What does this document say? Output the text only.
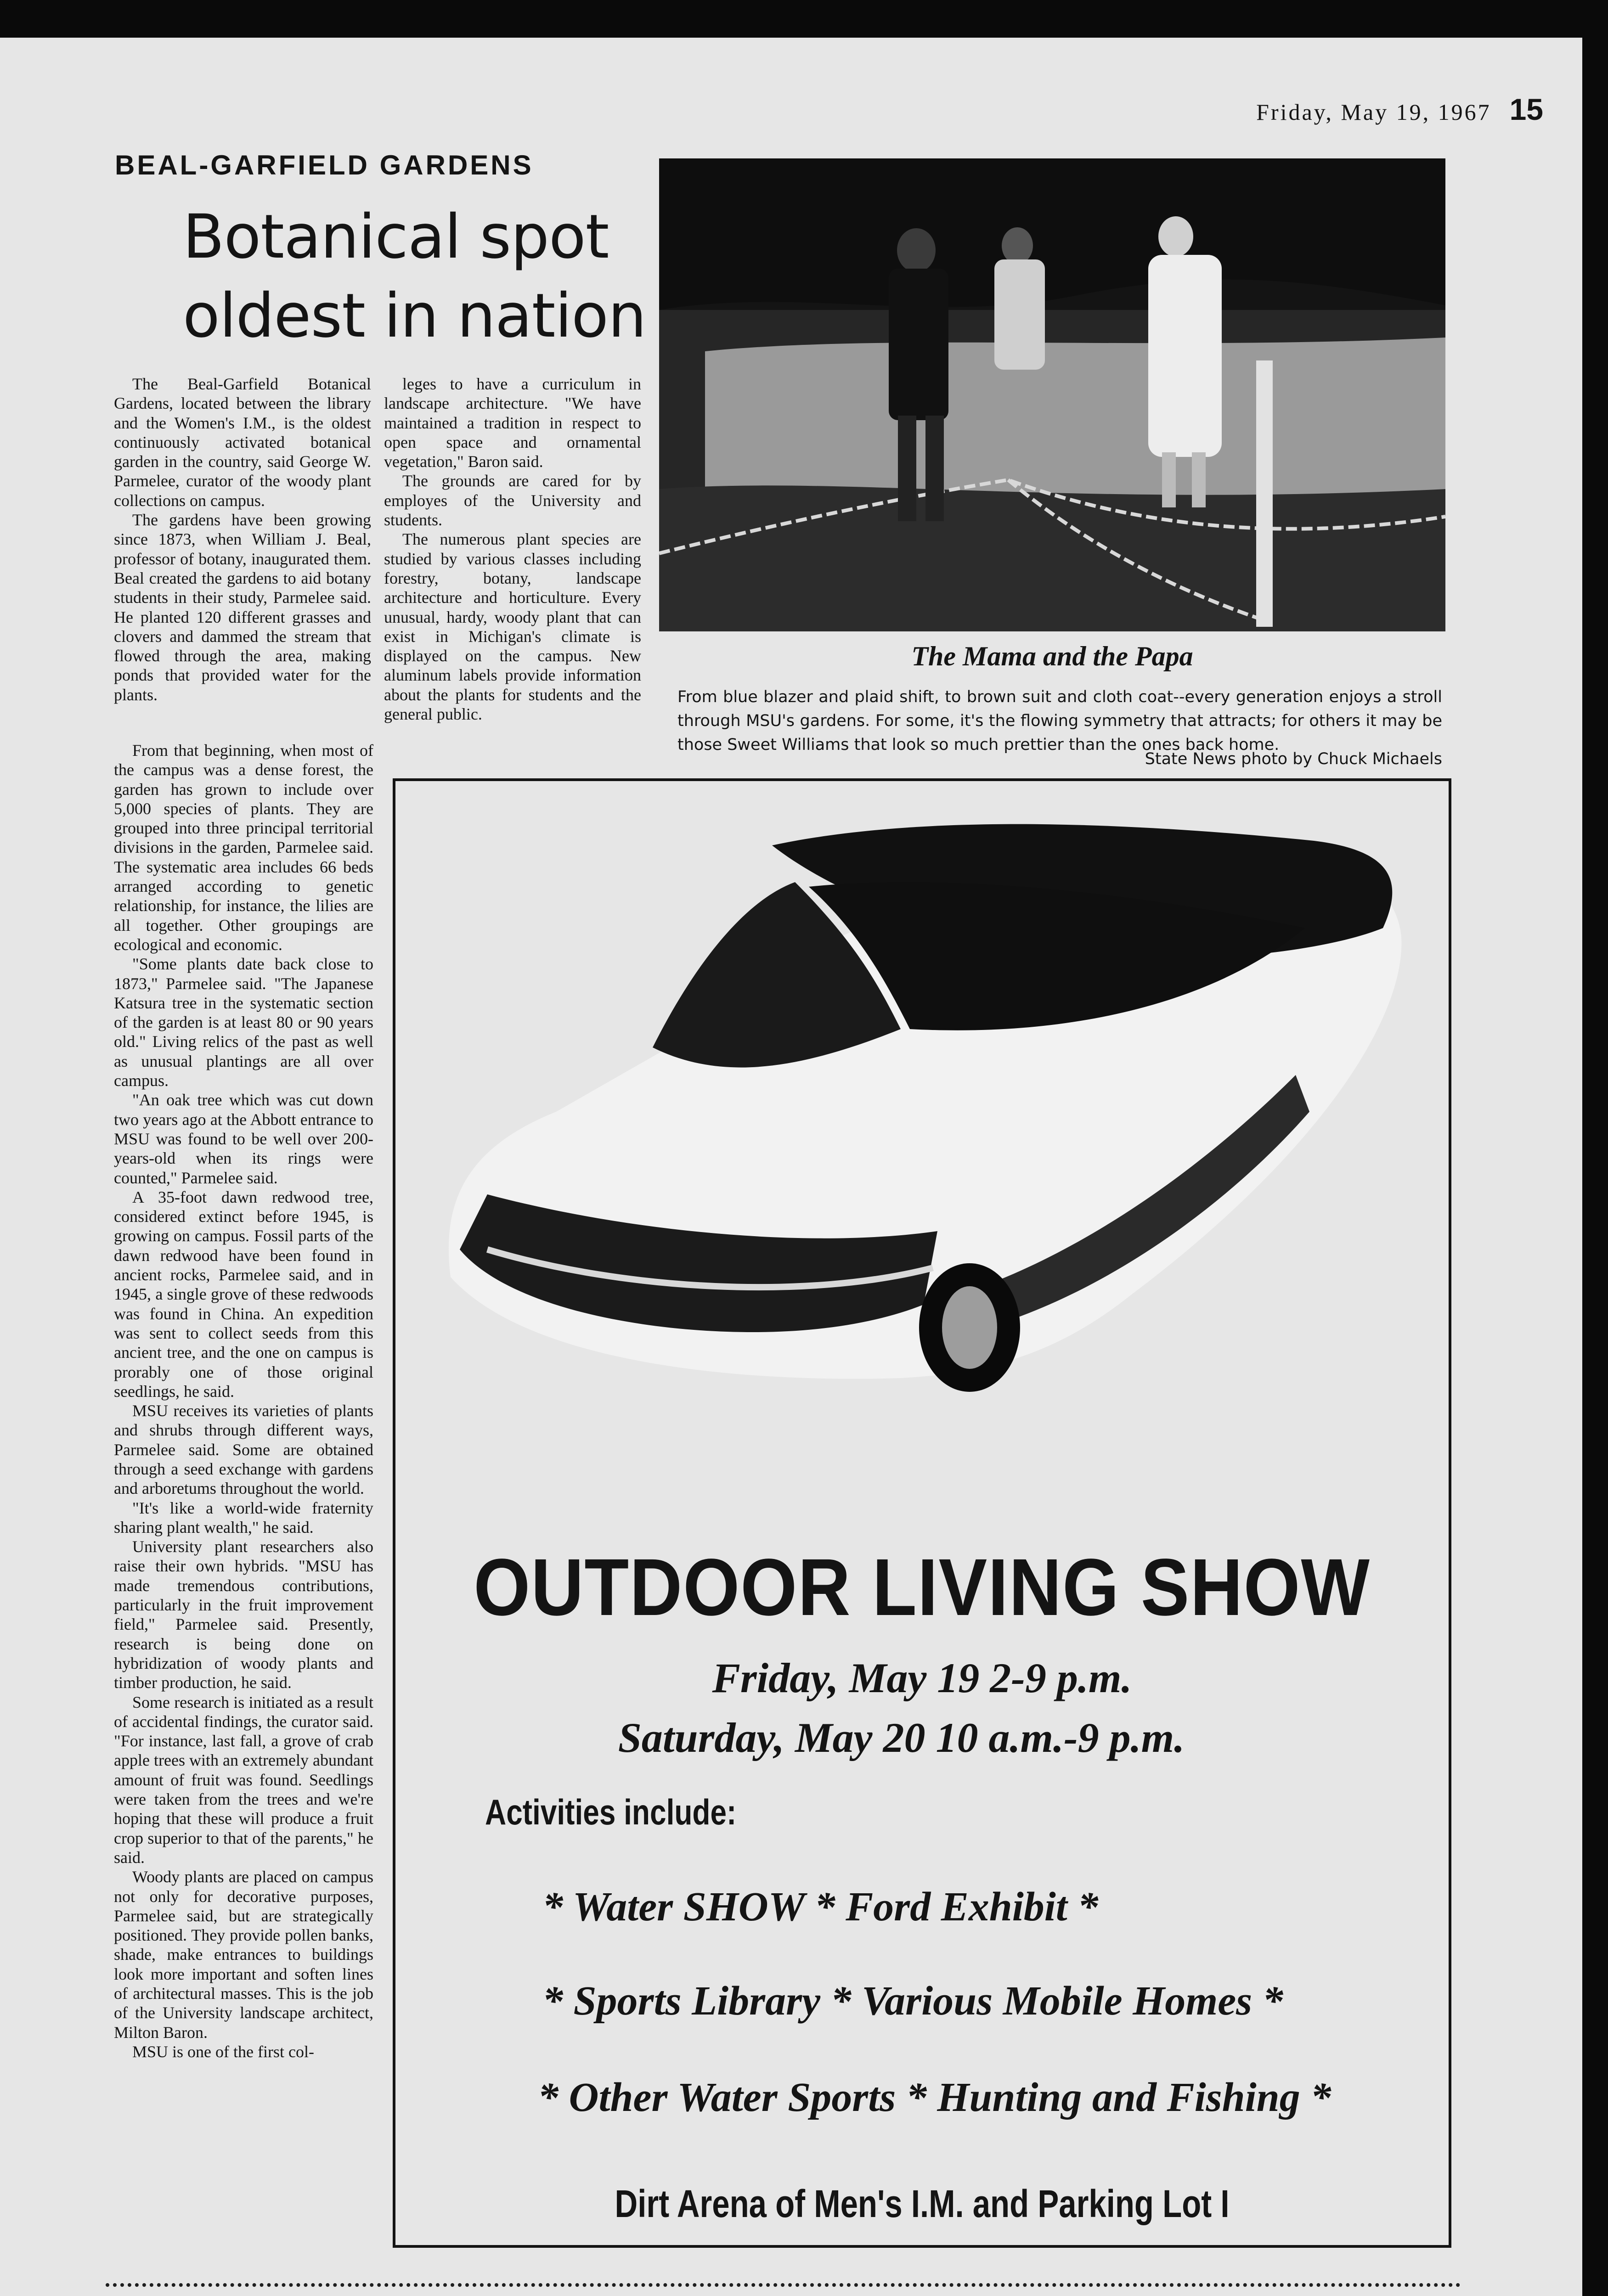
Friday, May 19, 1967 15
BEAL-GARFIELD GARDENS
Botanical spot
oldest in nation

The Beal-Garfield Botanical Gardens, located between the library and the Women's I.M., is the oldest continuously activated botanical garden in the country, said George W. Parmelee, curator of the woody plant collections on campus.

The gardens have been growing since 1873, when William J. Beal, professor of botany, inaugurated them. Beal created the gardens to aid botany students in their study, Parmelee said. He planted 120 different grasses and clovers and dammed the stream that flowed through the area, making ponds that provided water for the plants.

From that beginning, when most of the campus was a dense forest, the garden has grown to include over 5,000 species of plants. They are grouped into three principal territorial divisions in the garden, Parmelee said. The systematic area includes 66 beds arranged according to genetic relationship, for instance, the lilies are all together. Other groupings are ecological and economic.

"Some plants date back close to 1873," Parmelee said. "The Japanese Katsura tree in the systematic section of the garden is at least 80 or 90 years old." Living relics of the past as well as unusual plantings are all over campus.

"An oak tree which was cut down two years ago at the Abbott entrance to MSU was found to be well over 200-years-old when its rings were counted," Parmelee said.

A 35-foot dawn redwood tree, considered extinct before 1945, is growing on campus. Fossil parts of the dawn redwood have been found in ancient rocks, Parmelee said, and in 1945, a single grove of these redwoods was found in China. An expedition was sent to collect seeds from this ancient tree, and the one on campus is prorably one of those original seedlings, he said.

MSU receives its varieties of plants and shrubs through different ways, Parmelee said. Some are obtained through a seed exchange with gardens and arboretums throughout the world.

"It's like a world-wide fraternity sharing plant wealth," he said.

University plant researchers also raise their own hybrids. "MSU has made tremendous contributions, particularly in the fruit improvement field," Parmelee said. Presently, research is being done on hybridization of woody plants and timber production, he said.

Some research is initiated as a result of accidental findings, the curator said. "For instance, last fall, a grove of crab apple trees with an extremely abundant amount of fruit was found. Seedlings were taken from the trees and we're hoping that these will produce a fruit crop superior to that of the parents," he said.

Woody plants are placed on campus not only for decorative purposes, Parmelee said, but are strategically positioned. They provide pollen banks, shade, make entrances to buildings look more important and soften lines of architectural masses. This is the job of the University landscape architect, Milton Baron.

MSU is one of the first col-

leges to have a curriculum in landscape architecture. "We have maintained a tradition in respect to open space and ornamental vegetation," Baron said.

The grounds are cared for by employes of the University and students.

The numerous plant species are studied by various classes including forestry, botany, landscape architecture and horticulture. Every unusual, hardy, woody plant that can exist in Michigan's climate is displayed on the campus. New aluminum labels provide information about the plants for students and the general public.

The Mama and the Papa
From blue blazer and plaid shift, to brown suit and cloth coat--every generation enjoys a stroll through MSU's gardens. For some, it's the flowing symmetry that attracts; for others it may be those Sweet Williams that look so much prettier than the ones back home.
State News photo by Chuck Michaels
OUTDOOR LIVING SHOW
Friday, May 19 2-9 p.m.
Saturday, May 20 10 a.m.-9 p.m.
Activities include:
* Water SHOW * Ford Exhibit *
* Sports Library * Various Mobile Homes *
* Other Water Sports * Hunting and Fishing *
Dirt Arena of Men's I.M. and Parking Lot I
